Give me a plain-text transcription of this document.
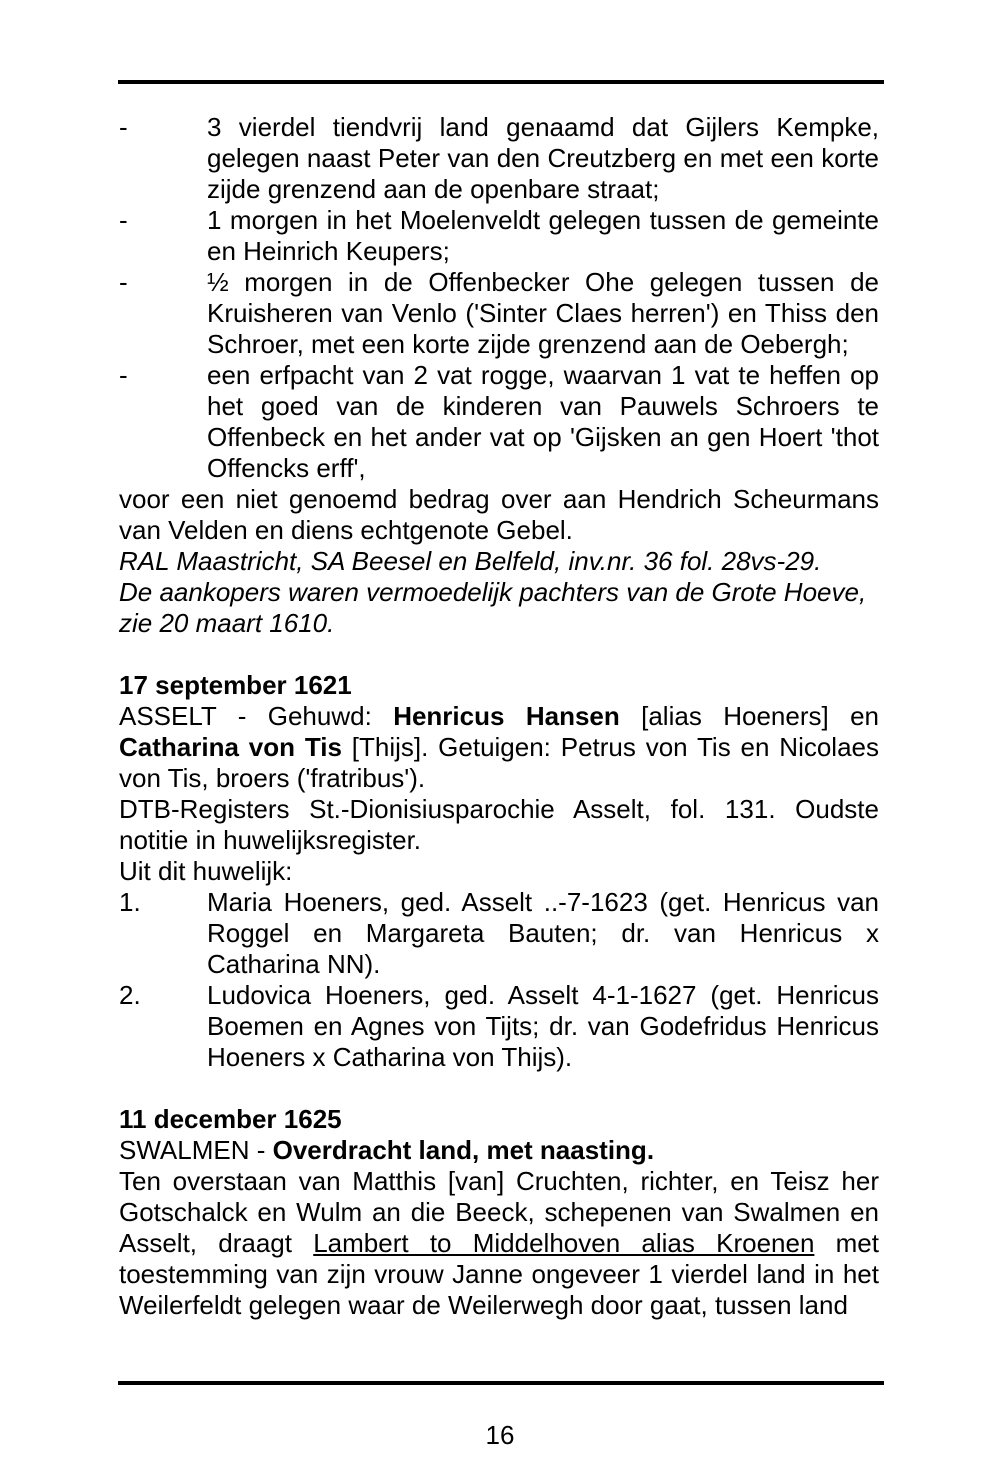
-	3 vierdel tiendvrij land genaamd dat Gijlers Kempke, gelegen naast Peter van den Creutzberg en met een korte zijde grenzend aan de openbare straat;
-	1 morgen in het Moelenveldt gelegen tussen de gemeinte en Heinrich Keupers;
-	½ morgen in de Offenbecker Ohe gelegen tussen de Kruisheren van Venlo ('Sinter Claes herren') en Thiss den Schroer, met een korte zijde grenzend aan de Oebergh;
-	een erfpacht van 2 vat rogge, waarvan 1 vat te heffen op het goed van de kinderen van Pauwels Schroers te Offenbeck en het ander vat op 'Gijsken an gen Hoert 'thot Offencks erff',
voor een niet genoemd bedrag over aan Hendrich Scheurmans van Velden en diens echtgenote Gebel.
RAL Maastricht, SA Beesel en Belfeld, inv.nr. 36 fol. 28vs-29.
De aankopers waren vermoedelijk pachters van de Grote Hoeve, zie 20 maart 1610.
17 september 1621
ASSELT - Gehuwd: Henricus Hansen [alias Hoeners] en Catharina von Tis [Thijs]. Getuigen: Petrus von Tis en Nicolaes von Tis, broers ('fratribus').
DTB-Registers St.-Dionisiusparochie Asselt, fol. 131. Oudste notitie in huwelijksregister.
Uit dit huwelijk:
1.	Maria Hoeners, ged. Asselt ..-7-1623 (get. Henricus van Roggel en Margareta Bauten; dr. van Henricus x Catharina NN).
2.	Ludovica Hoeners, ged. Asselt 4-1-1627 (get. Henricus Boemen en Agnes von Tijts; dr. van Godefridus Henricus Hoeners x Catharina von Thijs).
11 december 1625
SWALMEN - Overdracht land, met naasting.
Ten overstaan van Matthis [van] Cruchten, richter, en Teisz her Gotschalck en Wulm an die Beeck, schepenen van Swalmen en Asselt, draagt Lambert to Middelhoven alias Kroenen met toestemming van zijn vrouw Janne ongeveer 1 vierdel land in het Weilerfeldt gelegen waar de Weilerwegh door gaat, tussen land
16
